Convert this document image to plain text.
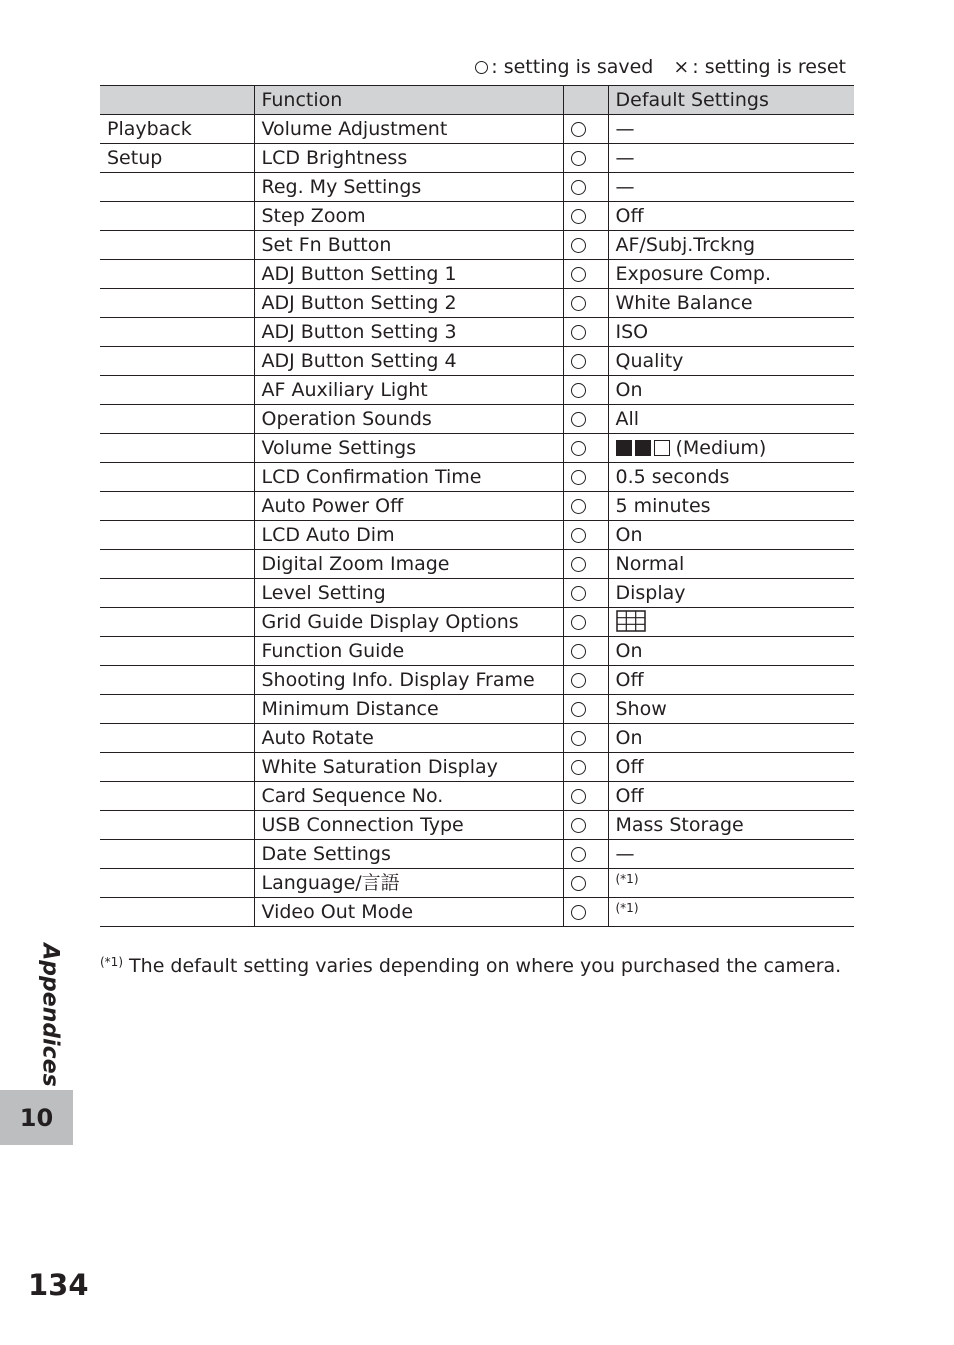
: setting is saved × : setting is reset
	Function		Default Settings
Playback	Volume Adjustment		—
Setup	LCD Brightness		—
	Reg. My Settings		—
	Step Zoom		Off
	Set Fn Button		AF/Subj.Trckng
	ADJ Button Setting 1		Exposure Comp.
	ADJ Button Setting 2		White Balance
	ADJ Button Setting 3		ISO
	ADJ Button Setting 4		Quality
	AF Auxiliary Light		On
	Operation Sounds		All
	Volume Settings		(Medium)
	LCD Confirmation Time		0.5 seconds
	Auto Power Off		5 minutes
	LCD Auto Dim		On
	Digital Zoom Image		Normal
	Level Setting		Display
	Grid Guide Display Options		
	Function Guide		On
	Shooting Info. Display Frame		Off
	Minimum Distance		Show
	Auto Rotate		On
	White Saturation Display		Off
	Card Sequence No.		Off
	USB Connection Type		Mass Storage
	Date Settings		—
	Language/言語		$^{(*1)}$
	Video Out Mode		$^{(*1)}$
$^{(*1)}$ The default setting varies depending on where you purchased the camera.
Appendices
10
134
